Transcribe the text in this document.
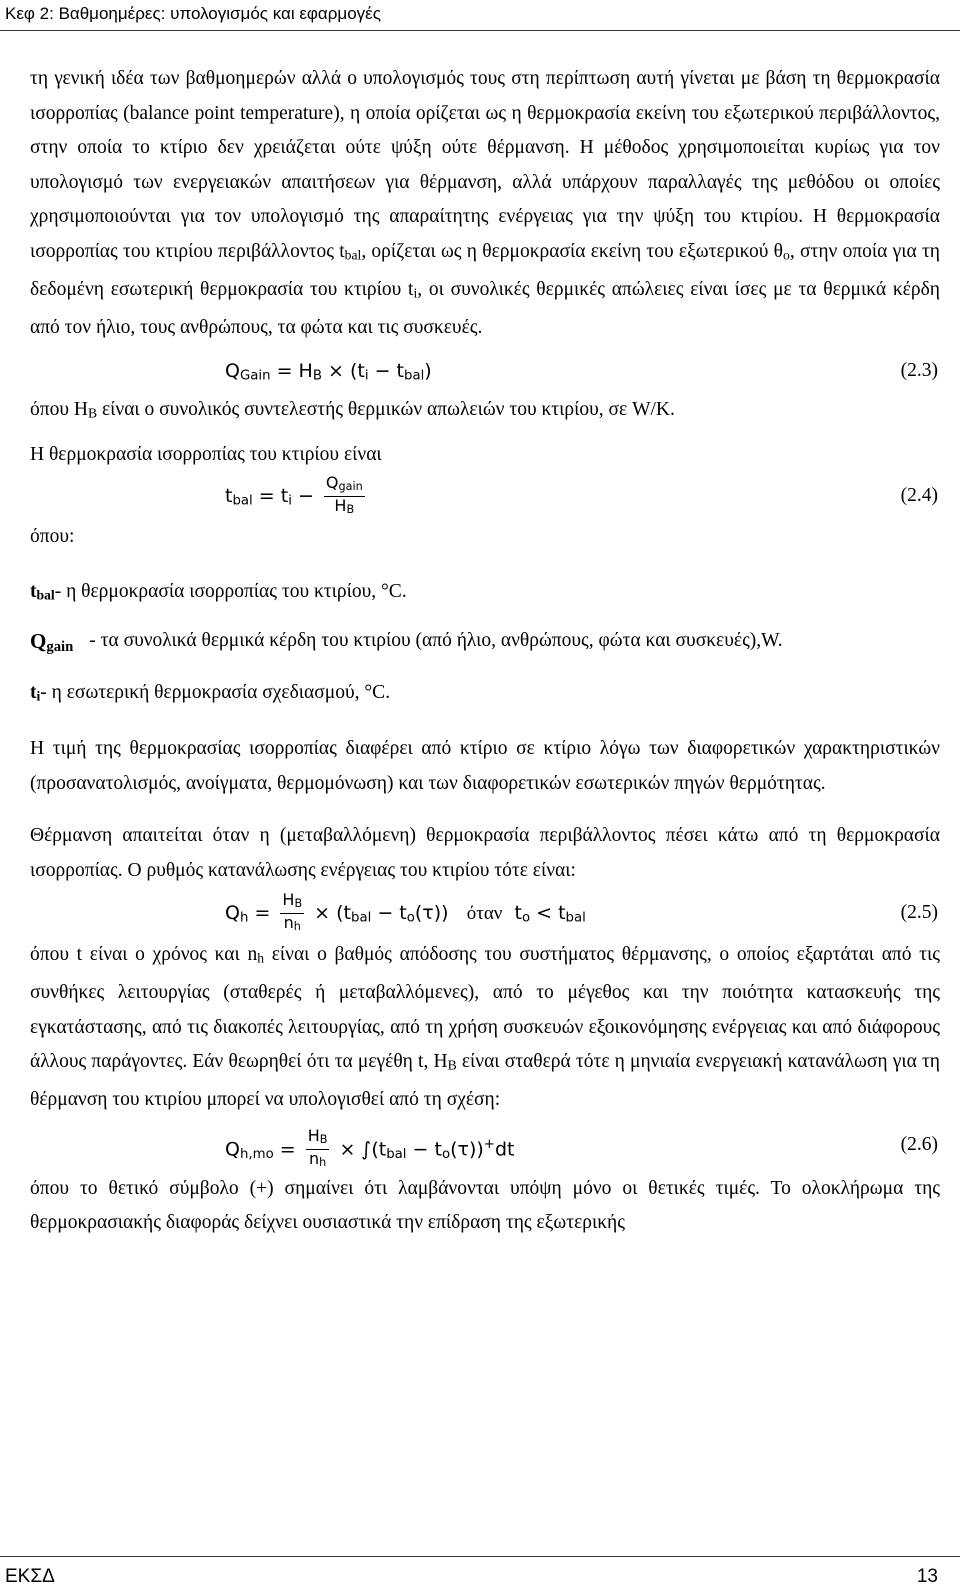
Κεφ 2: Βαθμοημέρες: υπολογισμός και εφαρμογές

τη γενική ιδέα των βαθμοημερών αλλά ο υπολογισμός τους στη περίπτωση αυτή γίνεται με βάση τη θερμοκρασία ισορροπίας (balance point temperature), η οποία ορίζεται ως η θερμοκρασία εκείνη του εξωτερικού περιβάλλοντος, στην οποία το κτίριο δεν χρειάζεται ούτε ψύξη ούτε θέρμανση. Η μέθοδος χρησιμοποιείται κυρίως για τον υπολογισμό των ενεργειακών απαιτήσεων για θέρμανση, αλλά υπάρχουν παραλλαγές της μεθόδου οι οποίες χρησιμοποιούνται για τον υπολογισμό της απαραίτητης ενέργειας για την ψύξη του κτιρίου. Η θερμοκρασία ισορροπίας του κτιρίου περιβάλλοντος $t_{bal}$, ορίζεται ως η θερμοκρασία εκείνη του εξωτερικού $\theta_o$, στην οποία για τη δεδομένη εσωτερική θερμοκρασία του κτιρίου $t_i$, οι συνολικές θερμικές απώλειες είναι ίσες με τα θερμικά κέρδη από τον ήλιο, τους ανθρώπους, τα φώτα και τις συσκευές.

$Q_{Gain} = H_B \times (t_i - t_{bal})$	(2.3)

όπου $H_B$ είναι ο συνολικός συντελεστής θερμικών απωλειών του κτιρίου, σε W/K.

Η θερμοκρασία ισορροπίας του κτιρίου είναι

$t_{bal} = t_i - \frac{Q_{gain}}{H_B}$	(2.4)

όπου:

$t_{bal}$ - η θερμοκρασία ισορροπίας του κτιρίου, °C.
$Q_{gain}$ - τα συνολικά θερμικά κέρδη του κτιρίου (από ήλιο, ανθρώπους, φώτα και συσκευές),W.
$t_i$ - η εσωτερική θερμοκρασία σχεδιασμού, °C.

Η τιμή της θερμοκρασίας ισορροπίας διαφέρει από κτίριο σε κτίριο λόγω των διαφορετικών χαρακτηριστικών (προσανατολισμός, ανοίγματα, θερμομόνωση) και των διαφορετικών εσωτερικών πηγών θερμότητας.

Θέρμανση απαιτείται όταν η (μεταβαλλόμενη) θερμοκρασία περιβάλλοντος πέσει κάτω από τη θερμοκρασία ισορροπίας. Ο ρυθμός κατανάλωσης ενέργειας του κτιρίου τότε είναι:

$Q_h = \frac{H_B}{n_h} \times (t_{bal} - t_o(\tau))$ όταν $t_o < t_{bal}$	(2.5)

όπου t είναι ο χρόνος και $n_h$ είναι ο βαθμός απόδοσης του συστήματος θέρμανσης, ο οποίος εξαρτάται από τις συνθήκες λειτουργίας (σταθερές ή μεταβαλλόμενες), από το μέγεθος και την ποιότητα κατασκευής της εγκατάστασης, από τις διακοπές λειτουργίας, από τη χρήση συσκευών εξοικονόμησης ενέργειας και από διάφορους άλλους παράγοντες. Εάν θεωρηθεί ότι τα μεγέθη t, $H_B$ είναι σταθερά τότε η μηνιαία ενεργειακή κατανάλωση για τη θέρμανση του κτιρίου μπορεί να υπολογισθεί από τη σχέση:

$Q_{h,mo} = \frac{H_B}{n_h} \times \int(t_{bal} - t_o(\tau))^+dt$	(2.6)

όπου το θετικό σύμβολο (+) σημαίνει ότι λαμβάνονται υπόψη μόνο οι θετικές τιμές. Το ολοκλήρωμα της θερμοκρασιακής διαφοράς δείχνει ουσιαστικά την επίδραση της εξωτερικής

ΕΚΣΔ	13
